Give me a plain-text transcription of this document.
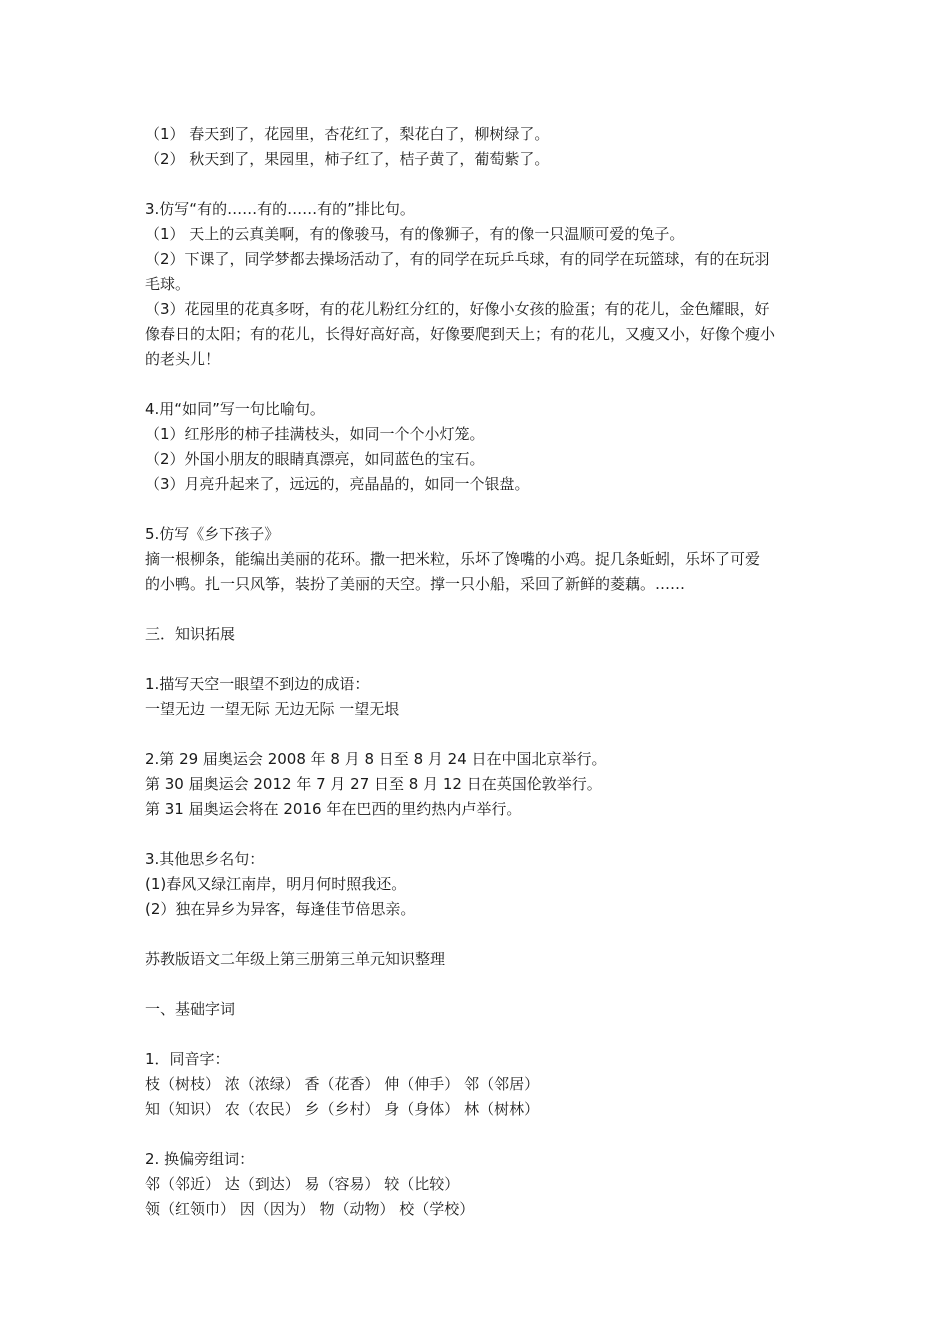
（1） 春天到了，花园里，杏花红了，梨花白了，柳树绿了。

（2） 秋天到了，果园里，柿子红了，桔子黄了，葡萄紫了。

3.仿写“有的……有的……有的”排比句。

（1） 天上的云真美啊，有的像骏马，有的像狮子，有的像一只温顺可爱的兔子。

（2）下课了，同学梦都去操场活动了，有的同学在玩乒乓球，有的同学在玩篮球，有的在玩羽

毛球。

（3）花园里的花真多呀，有的花儿粉红分红的，好像小女孩的脸蛋；有的花儿，金色耀眼，好

像春日的太阳；有的花儿，长得好高好高，好像要爬到天上；有的花儿，又瘦又小，好像个瘦小

的老头儿！

4.用“如同”写一句比喻句。

（1）红彤彤的柿子挂满枝头，如同一个个小灯笼。

（2）外国小朋友的眼睛真漂亮，如同蓝色的宝石。

（3）月亮升起来了，远远的，亮晶晶的，如同一个银盘。

5.仿写《乡下孩子》

摘一根柳条，能编出美丽的花环。撒一把米粒，乐坏了馋嘴的小鸡。捉几条蚯蚓，乐坏了可爱

的小鸭。扎一只风筝，装扮了美丽的天空。撑一只小船，采回了新鲜的菱藕。……

三．知识拓展

1.描写天空一眼望不到边的成语：

一望无边 一望无际 无边无际 一望无垠

2.第 29 届奥运会 2008 年 8 月 8 日至 8 月 24 日在中国北京举行。

第 30 届奥运会 2012 年 7 月 27 日至 8 月 12 日在英国伦敦举行。

第 31 届奥运会将在 2016 年在巴西的里约热内卢举行。

3.其他思乡名句：

(1)春风又绿江南岸，明月何时照我还。

(2）独在异乡为异客，每逢佳节倍思亲。

苏教版语文二年级上第三册第三单元知识整理

一、基础字词

1．同音字：

枝（树枝） 浓（浓绿） 香（花香） 伸（伸手） 邻（邻居）

知（知识） 农（农民） 乡（乡村） 身（身体） 林（树林）

2. 换偏旁组词：

邻（邻近） 达（到达） 易（容易） 较（比较）

领（红领巾） 因（因为） 物（动物） 校（学校）
